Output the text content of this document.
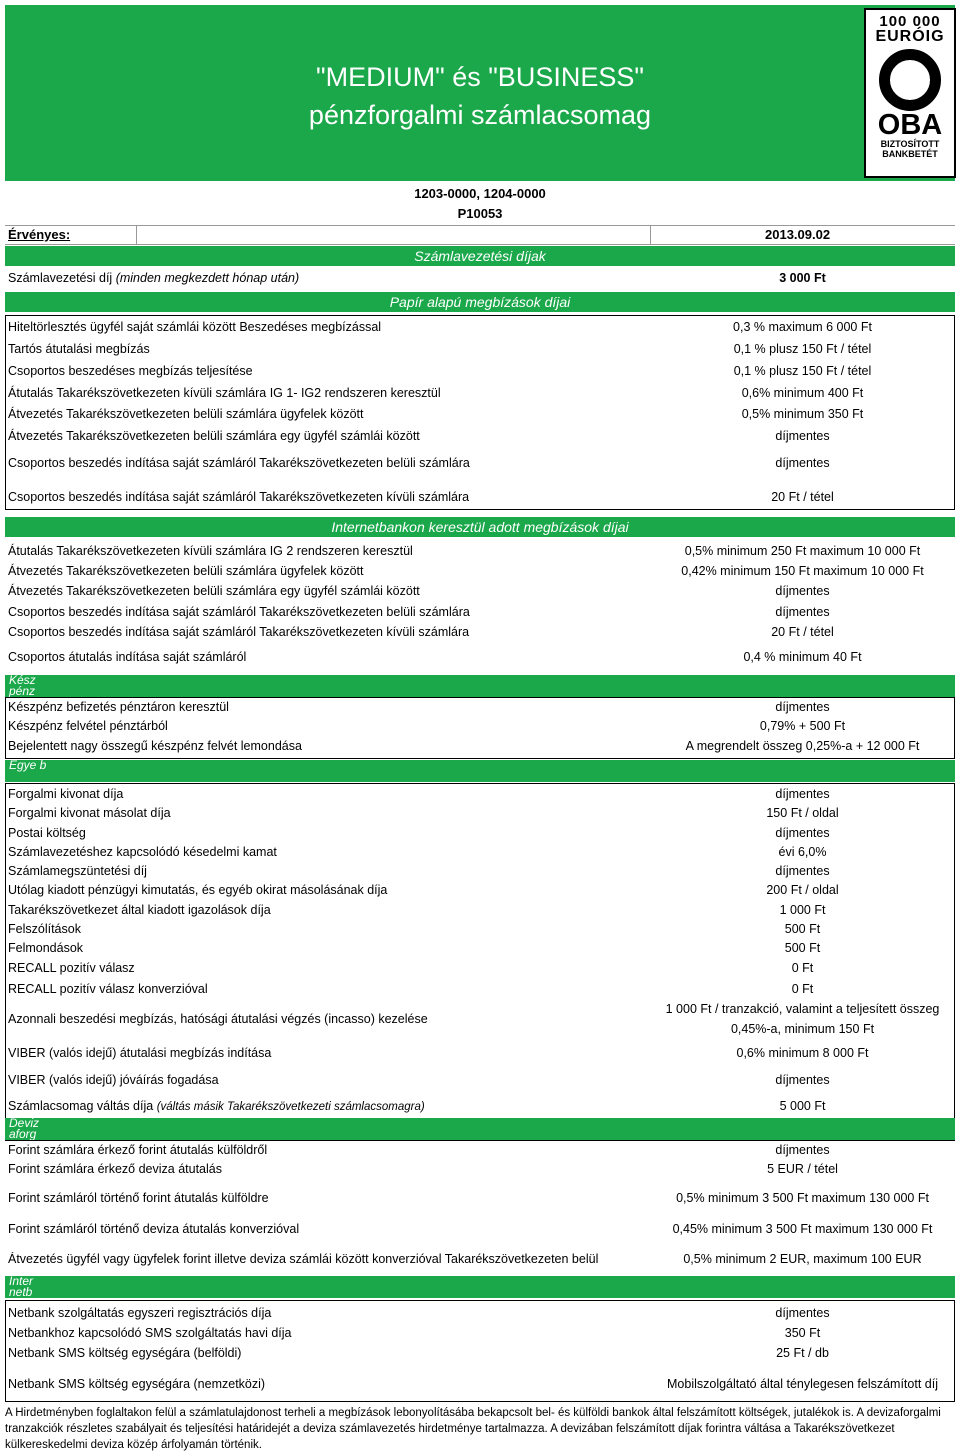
"MEDIUM" és "BUSINESS"
pénzforgalmi számlacsomag
100 000
EURÓIG
OBA
BIZTOSÍTOTT
BANKBETÉT
1203-0000, 1204-0000
P10053
Érvényes:	2013.09.02
Számlavezetési díjak
Számlavezetési díj (minden megkezdett hónap után)	3 000 Ft
Papír alapú megbízások díjai
Hiteltörlesztés ügyfél saját számlái között Beszedéses megbízással	0,3 % maximum 6 000 Ft
Tartós átutalási megbízás	0,1 % plusz 150 Ft / tétel
Csoportos beszedéses megbízás teljesítése	0,1 % plusz 150 Ft / tétel
Átutalás Takarékszövetkezeten kívüli számlára IG 1- IG2 rendszeren keresztül	0,6% minimum 400 Ft
Átvezetés Takarékszövetkezeten belüli számlára ügyfelek között	0,5% minimum 350 Ft
Átvezetés Takarékszövetkezeten belüli számlára egy ügyfél számlái között	díjmentes
Csoportos beszedés indítása saját számláról Takarékszövetkezeten belüli számlára	díjmentes
Csoportos beszedés indítása saját számláról Takarékszövetkezeten kívüli számlára	20 Ft / tétel
Internetbankon keresztül adott megbízások díjai
Átutalás Takarékszövetkezeten kívüli számlára IG 2 rendszeren keresztül	0,5% minimum 250 Ft maximum 10 000 Ft
Átvezetés Takarékszövetkezeten belüli számlára ügyfelek között	0,42% minimum 150 Ft maximum 10 000 Ft
Átvezetés Takarékszövetkezeten belüli számlára egy ügyfél számlái között	díjmentes
Csoportos beszedés indítása saját számláról Takarékszövetkezeten belüli számlára	díjmentes
Csoportos beszedés indítása saját számláról Takarékszövetkezeten kívüli számlára	20 Ft / tétel
Csoportos átutalás indítása saját számláról	0,4 % minimum 40 Ft
Kész pénz
Készpénz befizetés pénztáron keresztül	díjmentes
Készpénz felvétel pénztárból	0,79% + 500 Ft
Bejelentett nagy összegű készpénz felvét lemondása	A megrendelt összeg 0,25%-a + 12 000 Ft
Egye b
Forgalmi kivonat díja	díjmentes
Forgalmi kivonat másolat díja	150 Ft / oldal
Postai költség	díjmentes
Számlavezetéshez kapcsolódó késedelmi kamat	évi 6,0%
Számlamegszüntetési díj	díjmentes
Utólag kiadott pénzügyi kimutatás, és egyéb okirat másolásának díja	200 Ft / oldal
Takarékszövetkezet által kiadott igazolások díja	1 000 Ft
Felszólítások	500 Ft
Felmondások	500 Ft
RECALL pozitív válasz	0 Ft
RECALL pozitív válasz konverzióval	0 Ft
Azonnali beszedési megbízás, hatósági átutalási végzés (incasso) kezelése
1 000 Ft / tranzakció, valamint a teljesített összeg
0,45%-a, minimum 150 Ft
VIBER (valós idejű) átutalási megbízás indítása	0,6% minimum 8 000 Ft
VIBER (valós idejű) jóváírás fogadása	díjmentes
Számlacsomag váltás díja (váltás másik Takarékszövetkezeti számlacsomagra)	5 000 Ft
Deviz aforg
Forint számlára érkező forint átutalás külföldről	díjmentes
Forint számlára érkező deviza átutalás	5 EUR / tétel
Forint számláról történő forint átutalás külföldre	0,5% minimum 3 500 Ft maximum 130 000 Ft
Forint számláról történő deviza átutalás konverzióval	0,45% minimum 3 500 Ft maximum 130 000 Ft
Átvezetés ügyfél vagy ügyfelek forint illetve deviza számlái között konverzióval Takarékszövetkezeten belül	0,5% minimum 2 EUR, maximum 100 EUR
Inter netb
Netbank szolgáltatás egyszeri regisztrációs díja	díjmentes
Netbankhoz kapcsolódó SMS szolgáltatás havi díja	350 Ft
Netbank SMS költség egységára (belföldi)	25 Ft / db
Netbank SMS költség egységára (nemzetközi)	Mobilszolgáltató által ténylegesen felszámított díj
A Hirdetményben foglaltakon felül a számlatulajdonost terheli a megbízások lebonyolításába bekapcsolt bel- és külföldi bankok által felszámított költségek, jutalékok is. A devizaforgalmi tranzakciók részletes szabályait és teljesítési határidejét a deviza számlavezetés hirdetménye tartalmazza. A devizában felszámított díjak forintra váltása a Takarékszövetkezet külkereskedelmi deviza közép árfolyamán történik.
